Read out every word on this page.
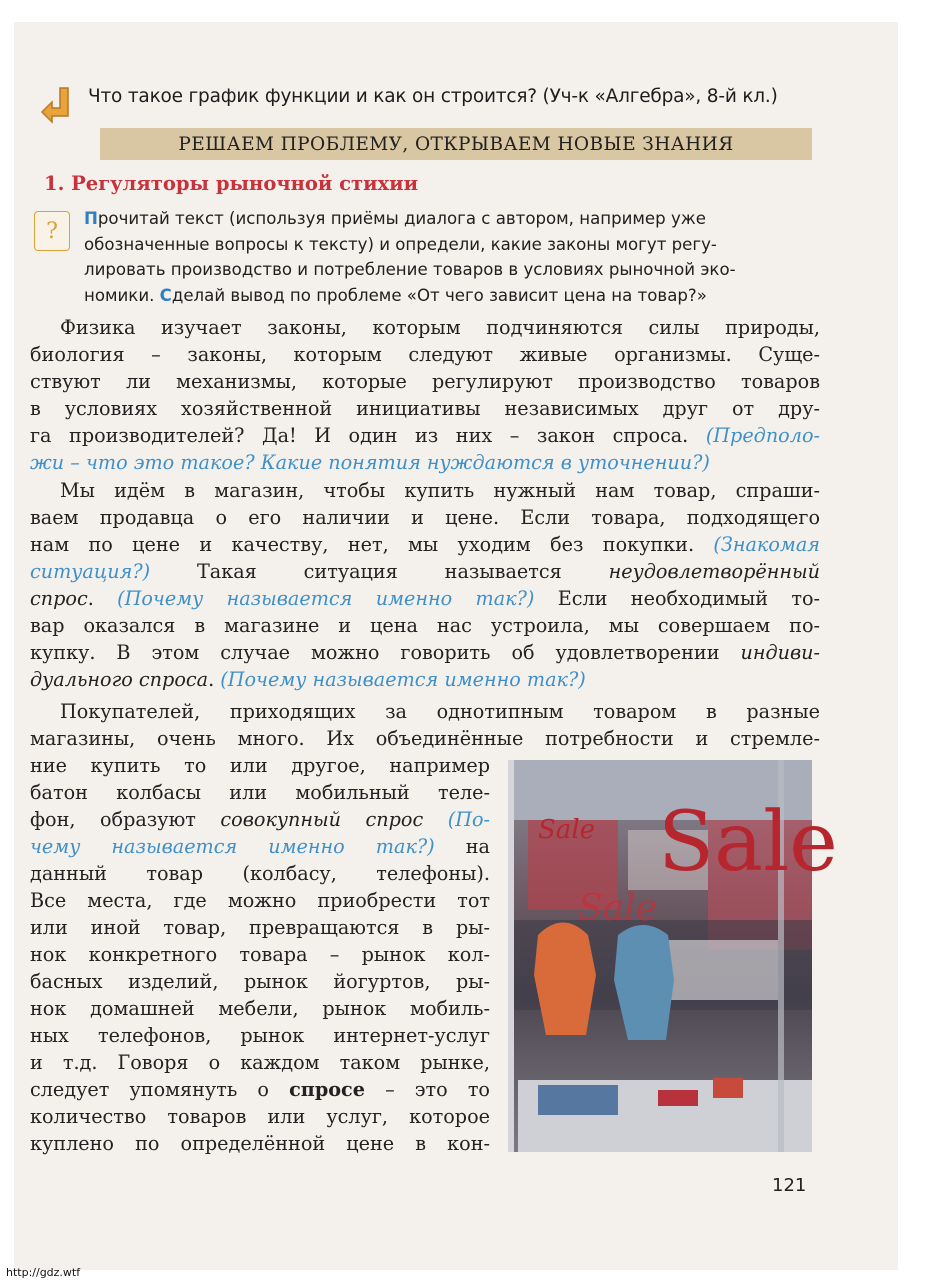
Что такое график функции и как он строится? (Уч-к «Алгебра», 8-й кл.)
РЕШАЕМ ПРОБЛЕМУ, ОТКРЫВАЕМ НОВЫЕ ЗНАНИЯ
1. Регуляторы рыночной стихии
?	Прочитай текст (используя приёмы диалога с автором, например уже
обозначенные вопросы к тексту) и определи, какие законы могут регу-
лировать производство и потребление товаров в условиях рыночной эко-
номики. Сделай вывод по проблеме «От чего зависит цена на товар?»
Физика изучает законы, которым подчиняются силы природы,
биология – законы, которым следуют живые организмы. Суще-
ствуют ли механизмы, которые регулируют производство товаров
в условиях хозяйственной инициативы независимых друг от дру-
га производителей? Да! И один из них – закон спроса. (Предполо-
жи – что это такое? Какие понятия нуждаются в уточнении?)
Мы идём в магазин, чтобы купить нужный нам товар, спраши-
ваем продавца о его наличии и цене. Если товара, подходящего
нам по цене и качеству, нет, мы уходим без покупки. (Знакомая
ситуация?) Такая ситуация называется неудовлетворённый
спрос. (Почему называется именно так?) Если необходимый то-
вар оказался в магазине и цена нас устроила, мы совершаем по-
купку. В этом случае можно говорить об удовлетворении индиви-
дуального спроса. (Почему называется именно так?)
Покупателей, приходящих за однотипным товаром в разные
магазины, очень много. Их объединённые потребности и стремле-
ние купить то или другое, например
батон колбасы или мобильный теле-
фон, образуют совокупный спрос (По-
чему называется именно так?) на
данный товар (колбасу, телефоны).
Все места, где можно приобрести тот
или иной товар, превращаются в ры-
нок конкретного товара – рынок кол-
басных изделий, рынок йогуртов, ры-
нок домашней мебели, рынок мобиль-
ных телефонов, рынок интернет-услуг
и т.д. Говоря о каждом таком рынке,
следует упомянуть о спросе – это то
количество товаров или услуг, которое
куплено по определённой цене в кон-
Sale
Sale
Sale
121
http://gdz.wtf
